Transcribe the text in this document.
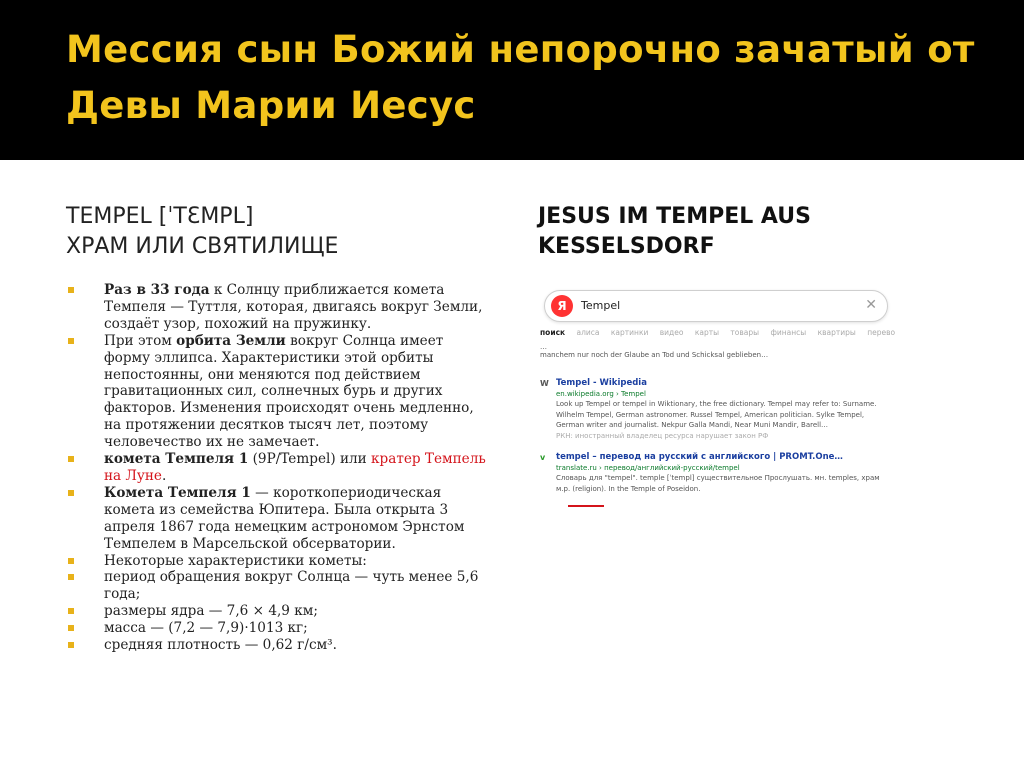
Мессия сын Божий непорочно зачатый от Девы Марии Иесус
TEMPEL [ˈTƐMPL]
ХРАМ ИЛИ СВЯТИЛИЩЕ
Раз в 33 года к Солнцу приближается комета Темпеля — Туттля, которая, двигаясь вокруг Земли, создаёт узор, похожий на пружинку.
При этом орбита Земли вокруг Солнца имеет форму эллипса. Характеристики этой орбиты непостоянны, они меняются под действием гравитационных сил, солнечных бурь и других факторов. Изменения происходят очень медленно, на протяжении десятков тысяч лет, поэтому человечество их не замечает.
комета Темпеля 1 (9P/Tempel) или кратер Темпель на Луне.
Комета Темпеля 1 — короткопериодическая комета из семейства Юпитера. Была открыта 3 апреля 1867 года немецким астрономом Эрнстом Темпелем в Марсельской обсерватории.
Некоторые характеристики кометы:
период обращения вокруг Солнца — чуть менее 5,6 года;
размеры ядра — 7,6 × 4,9 км;
масса — (7,2 — 7,9)·1013 кг;
средняя плотность — 0,62 г/см³.
JESUS IM TEMPEL AUS
KESSELSDORF
Я	Tempel	✕
поиск алиса картинки видео карты товары финансы квартиры перево
…
manchem nur noch der Glaube an Tod und Schicksal geblieben…
W Tempel - Wikipedia
en.wikipedia.org › Tempel
Look up Tempel or tempel in Wiktionary, the free dictionary. Tempel may refer to: Surname.
Wilhelm Tempel, German astronomer. Russel Tempel, American politician. Sylke Tempel,
German writer and journalist. Nekpur Galla Mandi, Near Muni Mandir, Barell…
РКН: иностранный владелец ресурса нарушает закон РФ
v tempel – перевод на русский с английского | PROMT.One…
translate.ru › перевод/английский-русский/tempel
Словарь для "tempel". temple [ˈtempl] существительное Прослушать. мн. temples, храм
м.р. (religion). In the Temple of Poseidon.
